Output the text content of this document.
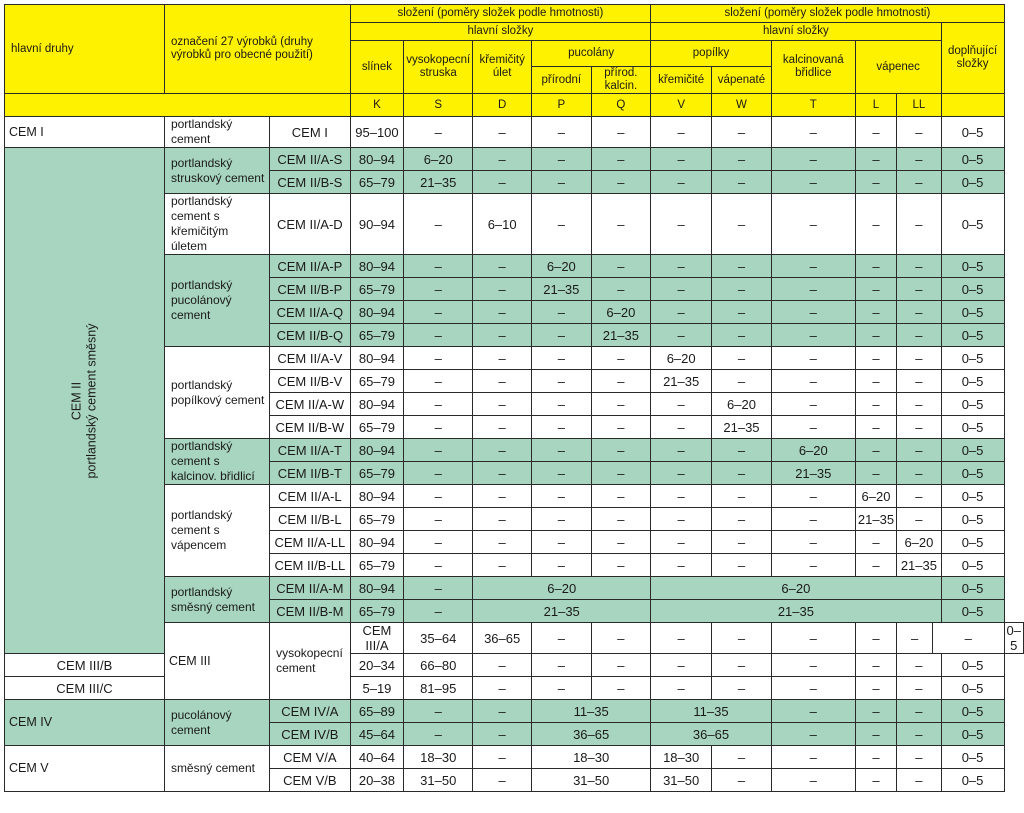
hlavní druhy	označení 27 výrobků (druhy výrobků pro obecné použití)		složení (poměry složek podle hmotnosti)					složení (poměry složek podle hmotnosti)							
			hlavní složky					hlavní složky						doplňující složky	
			slínek	vysokopecní struska	křemičitý úlet	pucolány		popílky		kalcinovaná břidlice	vápenec				
						přírodní	přírod. kalcin.	křemičité	vápenaté						
			K	S	D	P	Q	V	W	T	L	LL			
CEM I	portlandský cement	CEM I	95–100	–	–	–	–	–	–	–	–	–		0–5	
CEM II
portlandský cement směsný	portlandský struskový cement	CEM II/A-S	80–94	6–20	–	–	–	–	–	–	–	–		0–5	
		CEM II/B-S	65–79	21–35	–	–	–	–	–	–	–	–		0–5	
	portlandský cement s křemičitým úletem	CEM II/A-D	90–94	–	6–10	–	–	–	–	–	–	–		0–5	
	portlandský pucolánový cement	CEM II/A-P	80–94	–	–	6–20	–	–	–	–	–	–		0–5	
		CEM II/B-P	65–79	–	–	21–35	–	–	–	–	–	–		0–5	
		CEM II/A-Q	80–94	–	–	–	6–20	–	–	–	–	–		0–5	
		CEM II/B-Q	65–79	–	–	–	21–35	–	–	–	–	–		0–5	
	portlandský popílkový cement	CEM II/A-V	80–94	–	–	–	–	6–20	–	–	–	–		0–5	
		CEM II/B-V	65–79	–	–	–	–	21–35	–	–	–	–		0–5	
		CEM II/A-W	80–94	–	–	–	–	–	6–20	–	–	–		0–5	
		CEM II/B-W	65–79	–	–	–	–	–	21–35	–	–	–		0–5	
	portlandský cement s kalcinov. břidlicí	CEM II/A-T	80–94	–	–	–	–	–	–	6–20	–	–		0–5	
		CEM II/B-T	65–79	–	–	–	–	–	–	21–35	–	–		0–5	
	portlandský cement s vápencem	CEM II/A-L	80–94	–	–	–	–	–	–	–	6–20	–		0–5	
		CEM II/B-L	65–79	–	–	–	–	–	–	–	21–35	–		0–5	
		CEM II/A-LL	80–94	–	–	–	–	–	–	–	–	6–20		0–5	
		CEM II/B-LL	65–79	–	–	–	–	–	–	–	–	21–35		0–5	
	portlandský směsný cement	CEM II/A-M	80–94	–	6–20			6–20						0–5	
		CEM II/B-M	65–79	–	21–35			21–35						0–5	
	CEM III	vysokopecní cement	CEM III/A	35–64	36–65	–	–	–	–	–	–	–	–		0–5
CEM III/B			20–34	66–80	–	–	–	–	–	–	–	–		0–5	
CEM III/C			5–19	81–95	–	–	–	–	–	–	–	–		0–5	
CEM IV	pucolánový cement	CEM IV/A	65–89	–	–	11–35		11–35		–	–	–		0–5	
		CEM IV/B	45–64	–	–	36–65		36–65		–	–	–		0–5	
CEM V	směsný cement	CEM V/A	40–64	18–30	–	18–30		18–30	–	–	–	–		0–5	
		CEM V/B	20–38	31–50	–	31–50		31–50	–	–	–	–		0–5	
